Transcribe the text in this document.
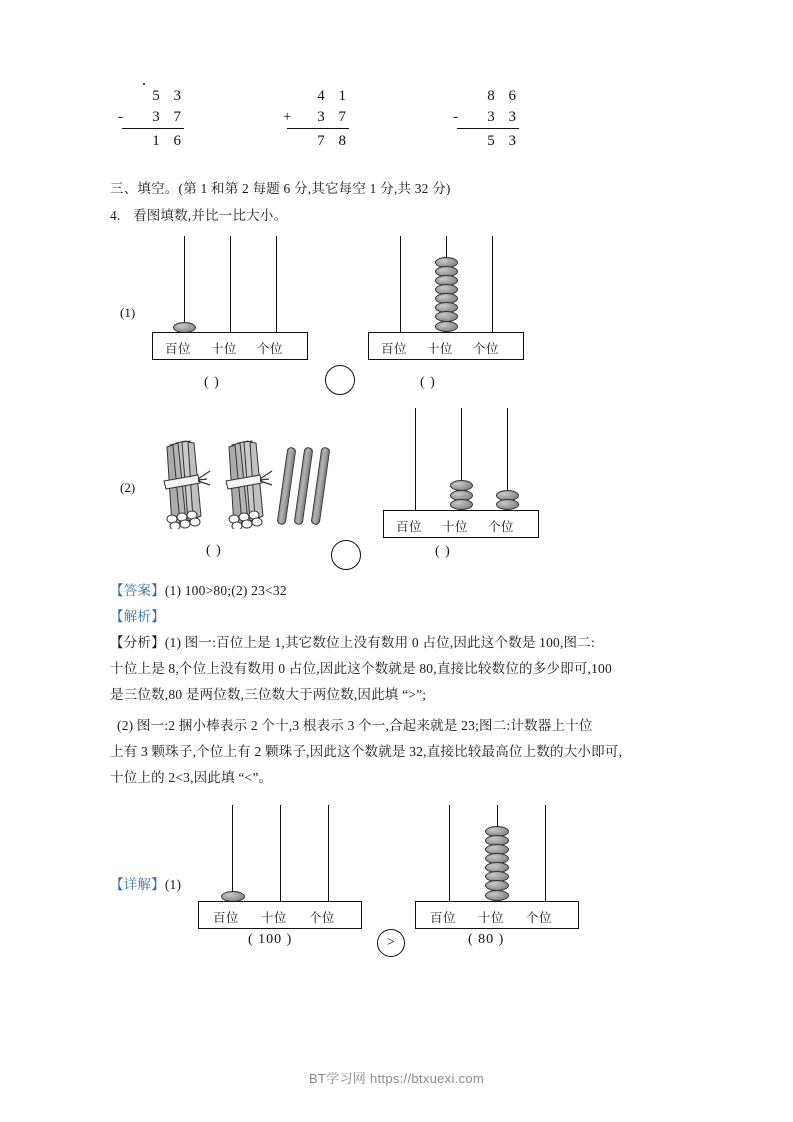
5 3
- 3 7
1 6
4 1
+ 3 7
7 8
8 6
- 3 3
5 3
三、填空。(第 1 和第 2 每题 6 分,其它每空 1 分,共 32 分)
4. 看图填数,并比一比大小。
(1)
百位 十位 个位
( )
百位 十位 个位
( )
(2)
( )
百位 十位 个位
( )
【答案】(1) 100>80;(2) 23<32
【解析】
【分析】(1) 图一:百位上是 1,其它数位上没有数用 0 占位,因此这个数是 100,图二:
十位上是 8,个位上没有数用 0 占位,因此这个数就是 80,直接比较数位的多少即可,100
是三位数,80 是两位数,三位数大于两位数,因此填 “>”;
(2) 图一:2 捆小棒表示 2 个十,3 根表示 3 个一,合起来就是 23;图二:计数器上十位
上有 3 颗珠子,个位上有 2 颗珠子,因此这个数就是 32,直接比较最高位上数的大小即可,
十位上的 2<3,因此填 “<”。
【详解】(1)
百位 十位 个位
( 100 )	>
百位 十位 个位
( 80 )
BT学习网 https://btxuexi.com
